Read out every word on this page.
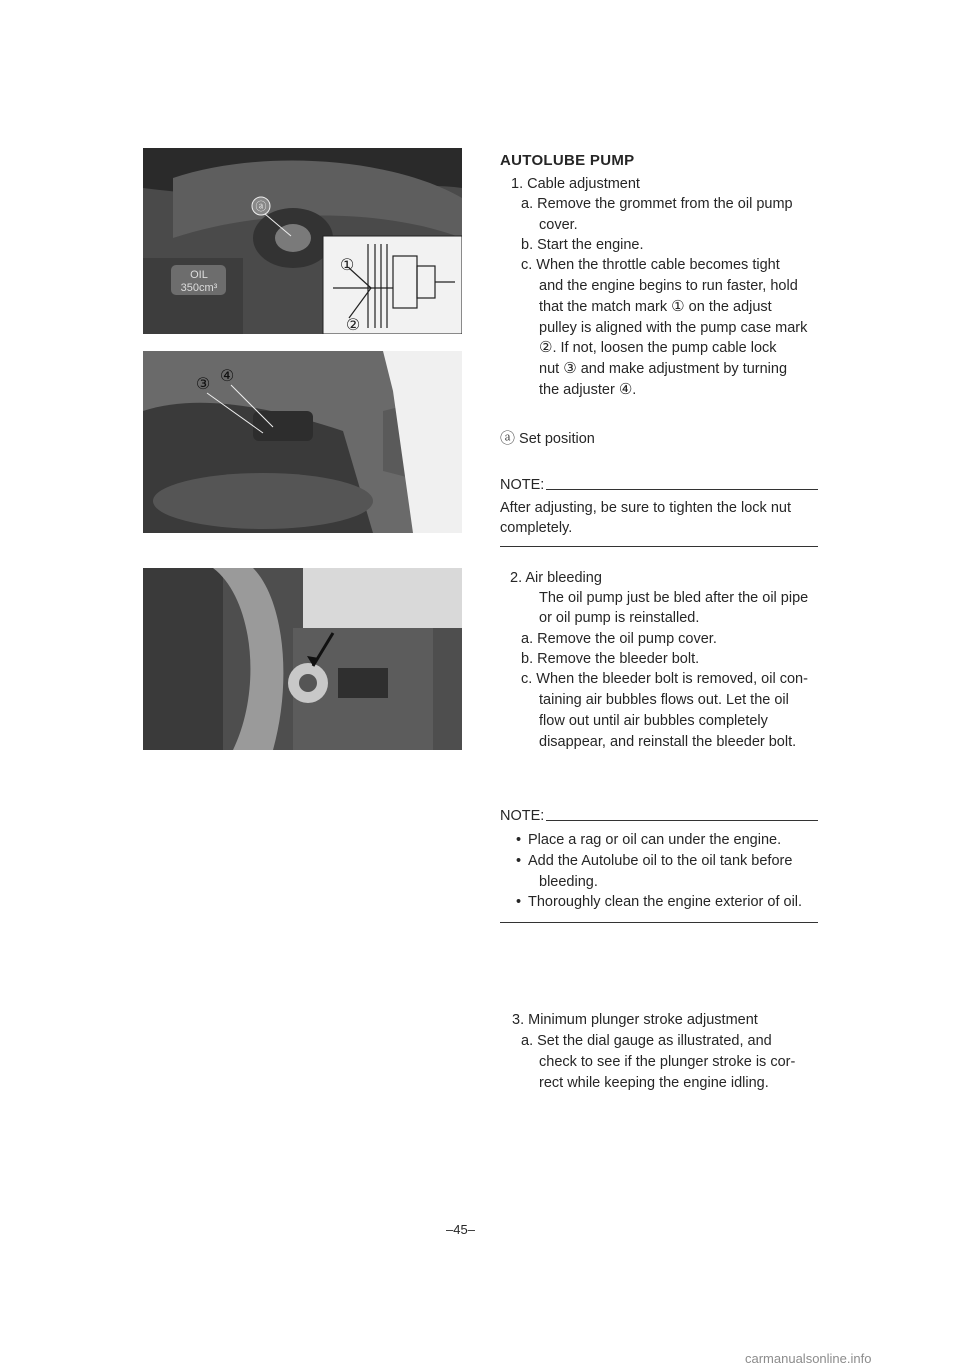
OIL
350cm³
ⓐ
①
②
③ ④
AUTOLUBE PUMP
1. Cable adjustment
a. Remove the grommet from the oil pump
cover.
b. Start the engine.
c. When the throttle cable becomes tight
and the engine begins to run faster, hold
that the match mark ① on the adjust
pulley is aligned with the pump case mark
②. If not, loosen the pump cable lock
nut ③ and make adjustment by turning
the adjuster ④.
ⓐ Set position
NOTE:
After adjusting, be sure to tighten the lock nut
completely.
2. Air bleeding
The oil pump just be bled after the oil pipe
or oil pump is reinstalled.
a. Remove the oil pump cover.
b. Remove the bleeder bolt.
c. When the bleeder bolt is removed, oil con-
taining air bubbles flows out. Let the oil
flow out until air bubbles completely
disappear, and reinstall the bleeder bolt.
NOTE:
• Place a rag or oil can under the engine.
• Add the Autolube oil to the oil tank before
bleeding.
• Thoroughly clean the engine exterior of oil.
3. Minimum plunger stroke adjustment
a. Set the dial gauge as illustrated, and
check to see if the plunger stroke is cor-
rect while keeping the engine idling.
–45–
carmanualsonline.info
